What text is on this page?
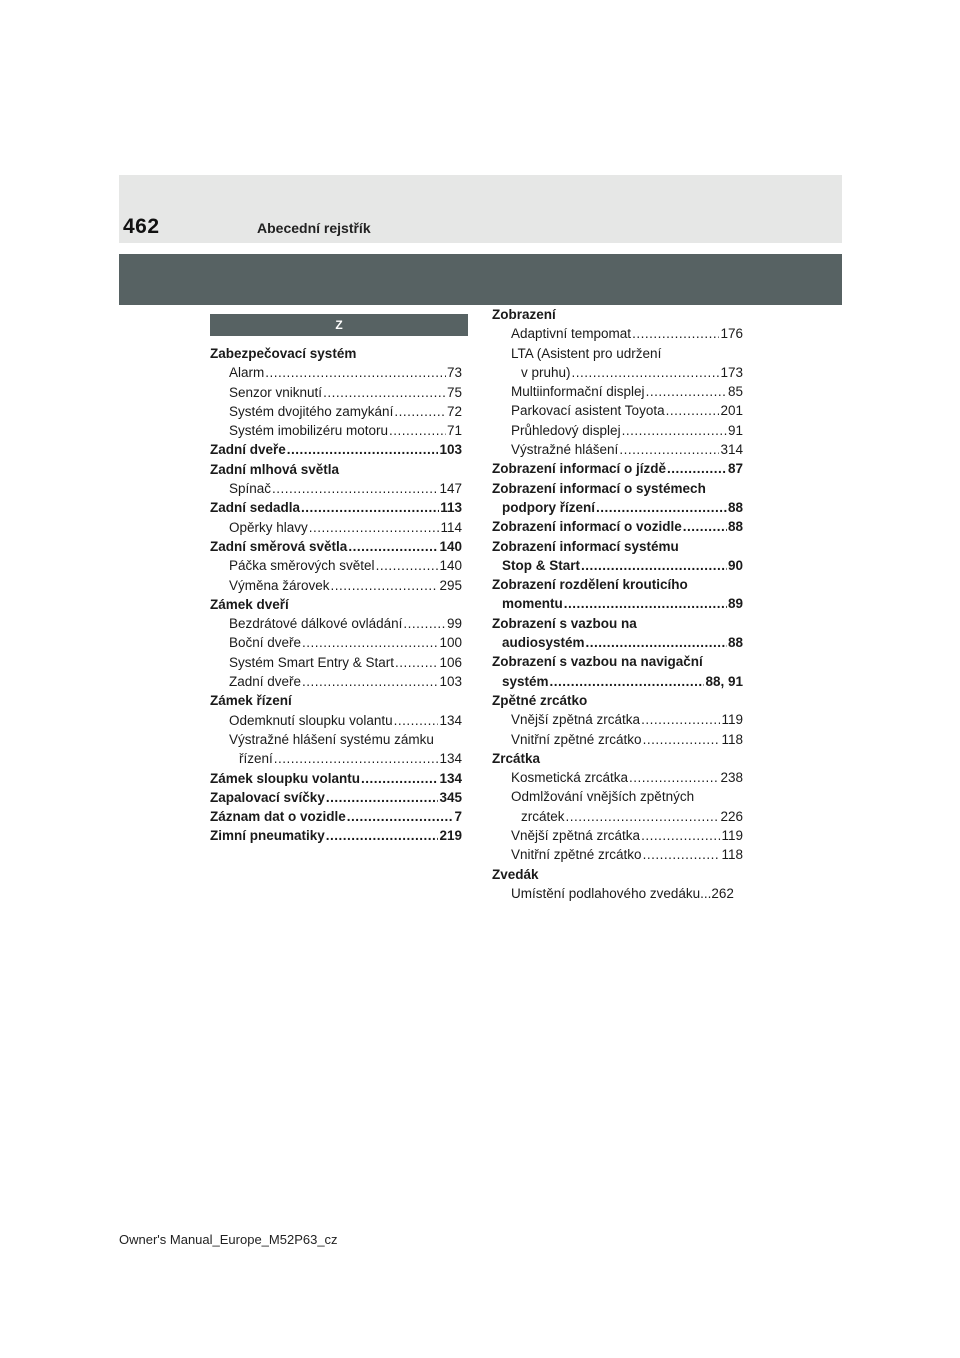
462	Abecední rejstřík
Z
Zabezpečovací systém
Alarm .....	73
Senzor vniknutí .....	75
Systém dvojitého zamykání .....	72
Systém imobilizéru motoru .....	71
Zadní dveře .....	103
Zadní mlhová světla
Spínač .....	147
Zadní sedadla .....	113
Opěrky hlavy .....	114
Zadní směrová světla .....	140
Páčka směrových světel .....	140
Výměna žárovek .....	295
Zámek dveří
Bezdrátové dálkové ovládání .....	99
Boční dveře .....	100
Systém Smart Entry & Start .....	106
Zadní dveře .....	103
Zámek řízení
Odemknutí sloupku volantu .....	134
Výstražné hlášení systému zámku
řízení .....	134
Zámek sloupku volantu .....	134
Zapalovací svíčky .....	345
Záznam dat o vozidle .....	7
Zimní pneumatiky .....	219
Zobrazení
Adaptivní tempomat .....	176
LTA (Asistent pro udržení
v pruhu) .....	173
Multiinformační displej .....	85
Parkovací asistent Toyota .....	201
Průhledový displej .....	91
Výstražné hlášení .....	314
Zobrazení informací o jízdě .....	87
Zobrazení informací o systémech
podpory řízení .....	88
Zobrazení informací o vozidle .....	88
Zobrazení informací systému
Stop & Start .....	90
Zobrazení rozdělení krouticího
momentu .....	89
Zobrazení s vazbou na
audiosystém .....	88
Zobrazení s vazbou na navigační
systém .....	88, 91
Zpětné zrcátko
Vnější zpětná zrcátka .....	119
Vnitřní zpětné zrcátko .....	118
Zrcátka
Kosmetická zrcátka .....	238
Odmlžování vnějších zpětných
zrcátek .....	226
Vnější zpětná zrcátka .....	119
Vnitřní zpětné zrcátko .....	118
Zvedák
Umístění podlahového zvedáku ... 262
Owner's Manual_Europe_M52P63_cz
